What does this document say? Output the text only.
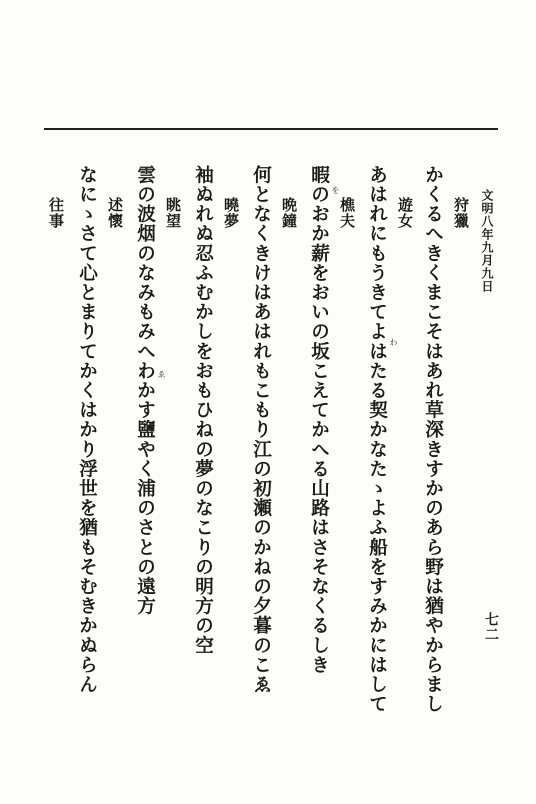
文明八年九月九日
七二
狩獵
かくるへきくまこそはあれ草深きすかのあら野は猶やからまし
遊女
あはれにもうきてよはたる契かなたゝよふ船をすみかにはして
樵夫
暇のおか薪をおいの坂こえてかへる山路はさそなくるしき
晩鐘
何となくきけはあはれもこもり江の初瀬のかねの夕暮のこゑ
曉夢
袖ぬれぬ忍ふむかしをおもひねの夢のなこりの明方の空
眺望
雲の波烟のなみもみへわかす鹽やく浦のさとの遠方
述懷
なにゝさて心とまりてかくはかり浮世を猶もそむきかぬらん
往事
わ
を
ゑ
